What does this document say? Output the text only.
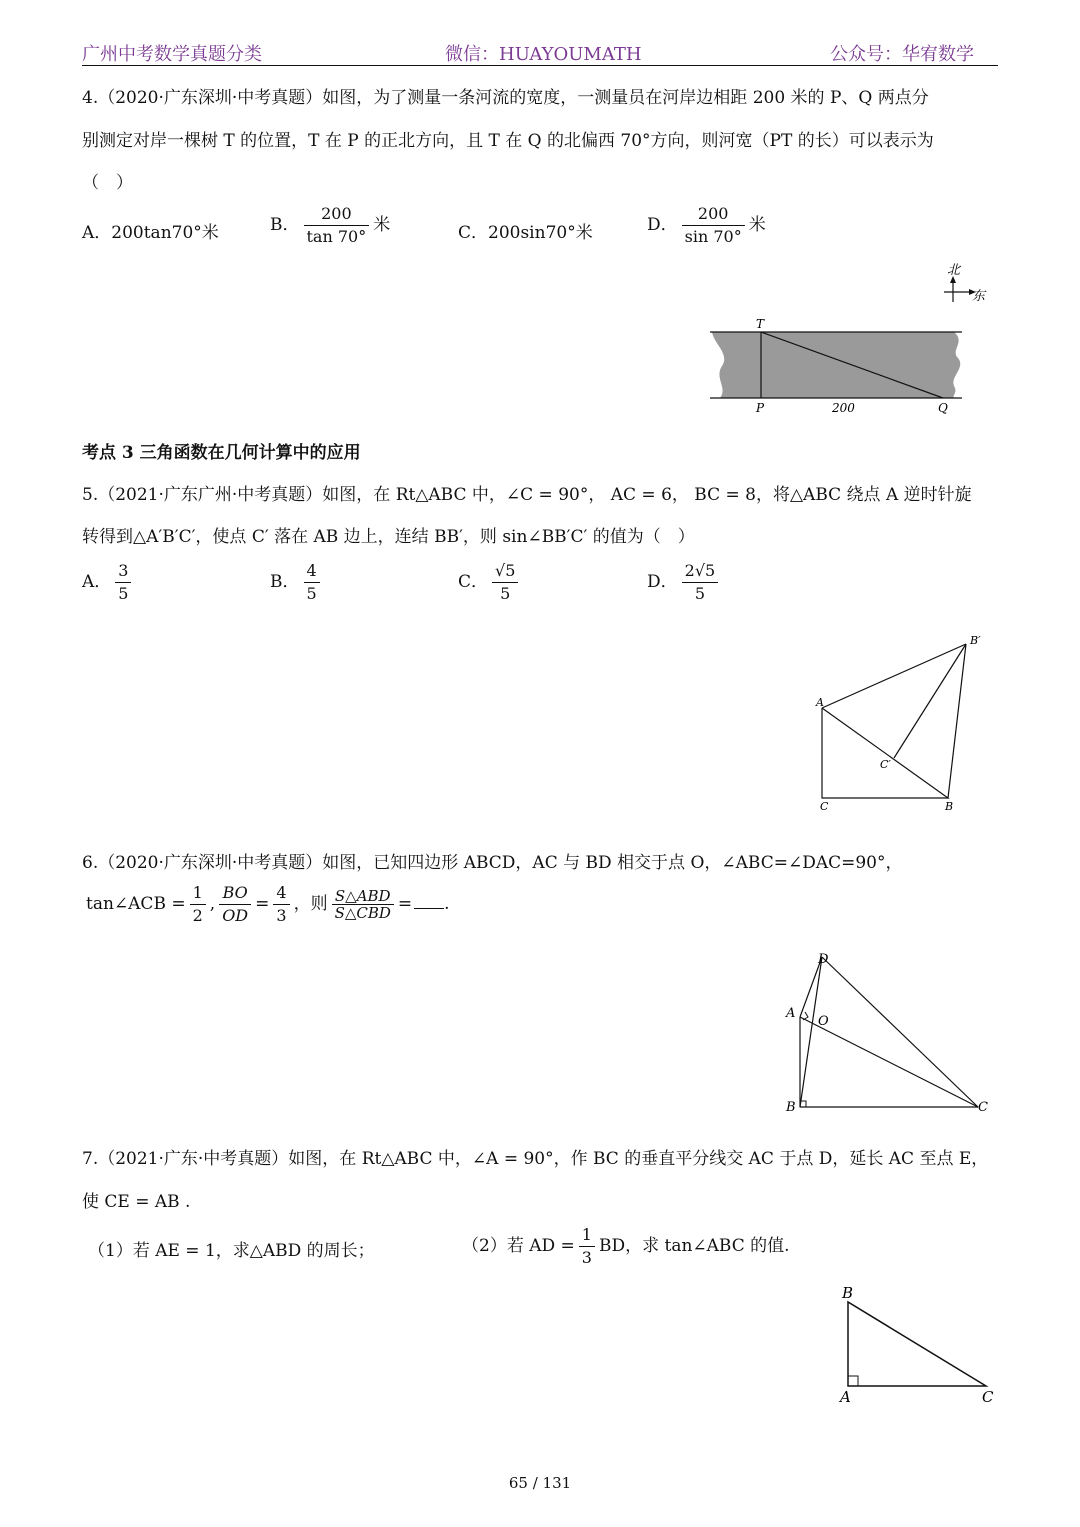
广州中考数学真题分类	微信：HUAYOUMATH	公众号：华宥数学
4.（2020·广东深圳·中考真题）如图，为了测量一条河流的宽度，一测量员在河岸边相距 200 米的 P、Q 两点分
别测定对岸一棵树 T 的位置，T 在 P 的正北方向，且 T 在 Q 的北偏西 70°方向，则河宽（PT 的长）可以表示为
（　）
A．200tan70°米	B． $\frac{200}{\tan 70^\circ}$ 米	C．200sin70°米	D． $\frac{200}{\sin 70^\circ}$ 米
北
东
T
P	Q
200
考点 3 三角函数在几何计算中的应用
5.（2021·广东广州·中考真题）如图，在 Rt△ABC 中，∠C = 90°， AC = 6， BC = 8，将△ABC 绕点 A 逆时针旋
转得到△A′B′C′，使点 C′ 落在 AB 边上，连结 BB′，则 sin∠BB′C′ 的值为（　）
A． $\frac{3}{5}$	B． $\frac{4}{5}$	C． $\frac{√5}{5}$	D． $\frac{2√5}{5}$
A
C	B
B′
C′
6.（2020·广东深圳·中考真题）如图，已知四边形 ABCD，AC 与 BD 相交于点 O，∠ABC=∠DAC=90°，
tan∠ACB = $\frac{1}{2}$ , $\frac{BO}{OD} = \frac{4}{3}$ ，则 $\frac{\text{S△ABD}}{\text{S△CBD}}$ = .
A
B	C
D
O
7.（2021·广东·中考真题）如图，在 Rt△ABC 中，∠A = 90°，作 BC 的垂直平分线交 AC 于点 D，延长 AC 至点 E，
使 CE = AB .
（1）若 AE = 1，求△ABD 的周长；	（2）若 AD = $\frac{1}{3}$ BD，求 tan∠ABC 的值.
B
A	C
65 / 131
